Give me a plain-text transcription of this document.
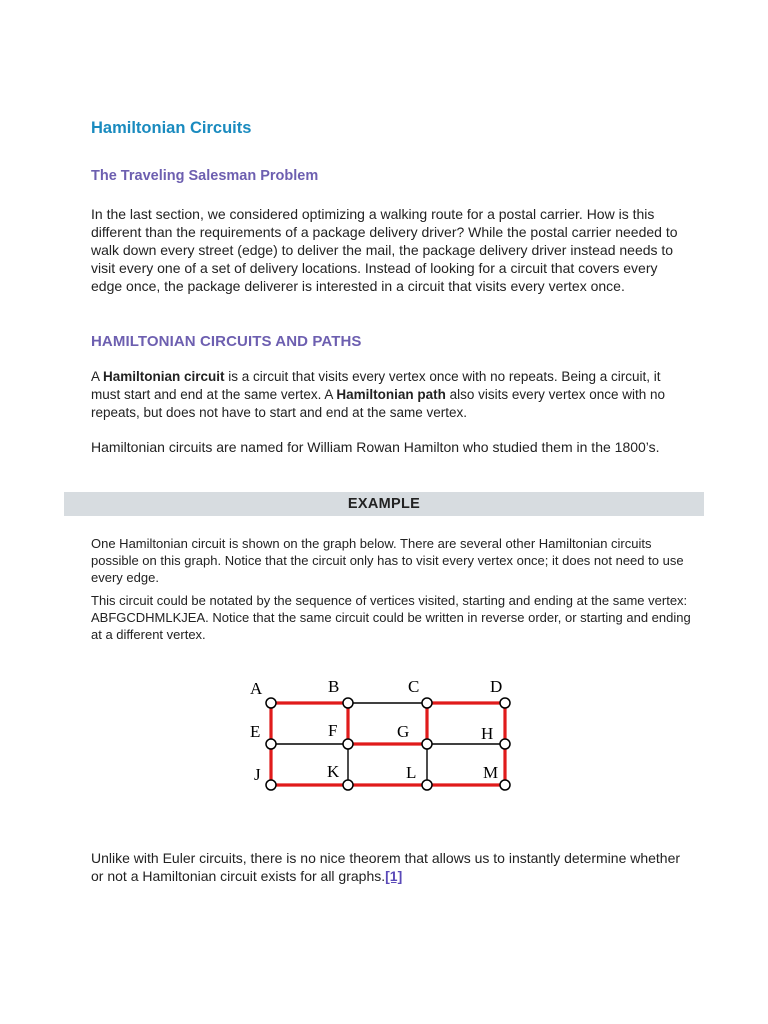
Hamiltonian Circuits
The Traveling Salesman Problem

In the last section, we considered optimizing a walking route for a postal carrier. How is this different than the requirements of a package delivery driver? While the postal carrier needed to walk down every street (edge) to deliver the mail, the package delivery driver instead needs to visit every one of a set of delivery locations. Instead of looking for a circuit that covers every edge once, the package deliverer is interested in a circuit that visits every vertex once.

HAMILTONIAN CIRCUITS AND PATHS

A Hamiltonian circuit is a circuit that visits every vertex once with no repeats. Being a circuit, it must start and end at the same vertex. A Hamiltonian path also visits every vertex once with no repeats, but does not have to start and end at the same vertex.

Hamiltonian circuits are named for William Rowan Hamilton who studied them in the 1800’s.

EXAMPLE

One Hamiltonian circuit is shown on the graph below. There are several other Hamiltonian circuits possible on this graph. Notice that the circuit only has to visit every vertex once; it does not need to use every edge.

This circuit could be notated by the sequence of vertices visited, starting and ending at the same vertex: ABFGCDHMLKJEA. Notice that the same circuit could be written in reverse order, or starting and ending at a different vertex.

A	B	C	D
E	F	G	H
J	K	L	M

Unlike with Euler circuits, there is no nice theorem that allows us to instantly determine whether or not a Hamiltonian circuit exists for all graphs.[1]
